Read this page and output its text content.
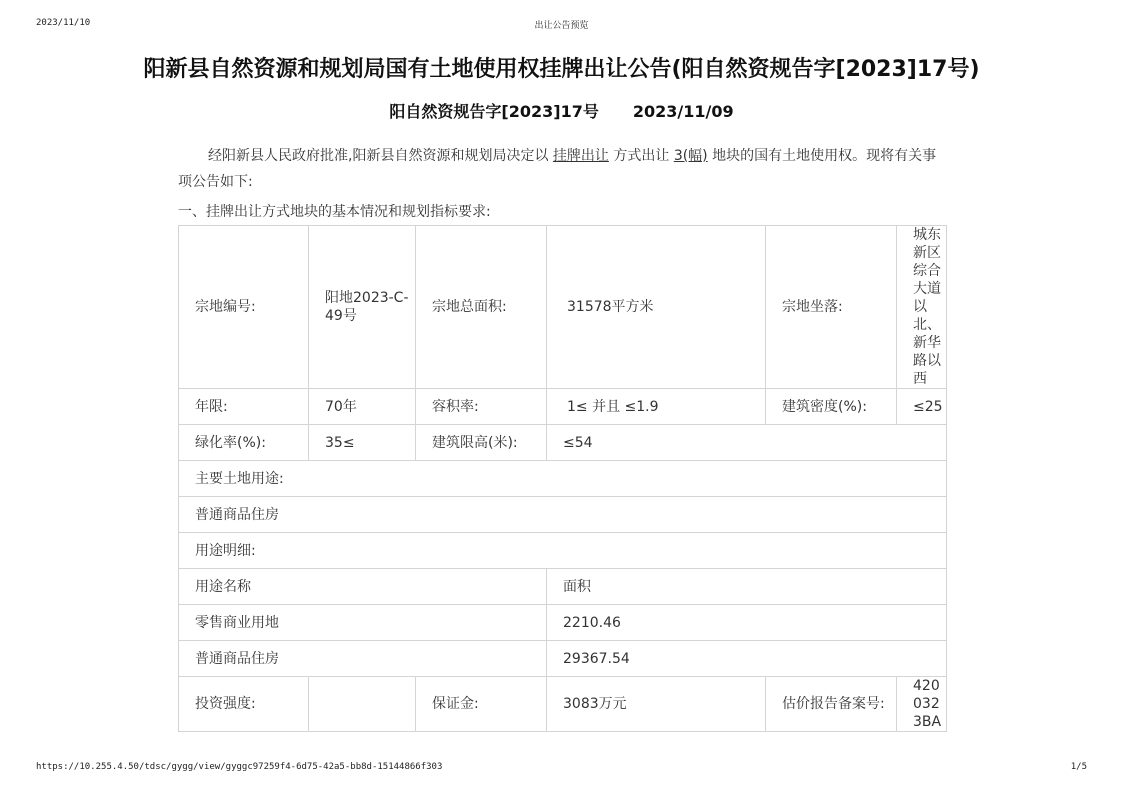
2023/11/10	出让公告预览
阳新县自然资源和规划局国有土地使用权挂牌出让公告(阳自然资规告字[2023]17号)
阳自然资规告字[2023]17号 2023/11/09
经阳新县人民政府批准,阳新县自然资源和规划局决定以 挂牌出让 方式出让 3(幅) 地块的国有土地使用权。现将有关事项公告如下:
一、挂牌出让方式地块的基本情况和规划指标要求:
宗地编号:	阳地2023-C-49号	宗地总面积:	31578平方米	宗地坐落:	城东新区综合大道以北、新华路以西
年限:	70年	容积率:	1≤ 并且 ≤1.9	建筑密度(%):	≤25
绿化率(%):	35≤	建筑限高(米):	≤54		
主要土地用途:					
普通商品住房					
用途明细:					
用途名称			面积		
零售商业用地			2210.46		
普通商品住房			29367.54		
投资强度:		保证金:	3083万元	估价报告备案号:	4200323BA
https://10.255.4.50/tdsc/gygg/view/gyggc97259f4-6d75-42a5-bb8d-15144866f303	1/5
